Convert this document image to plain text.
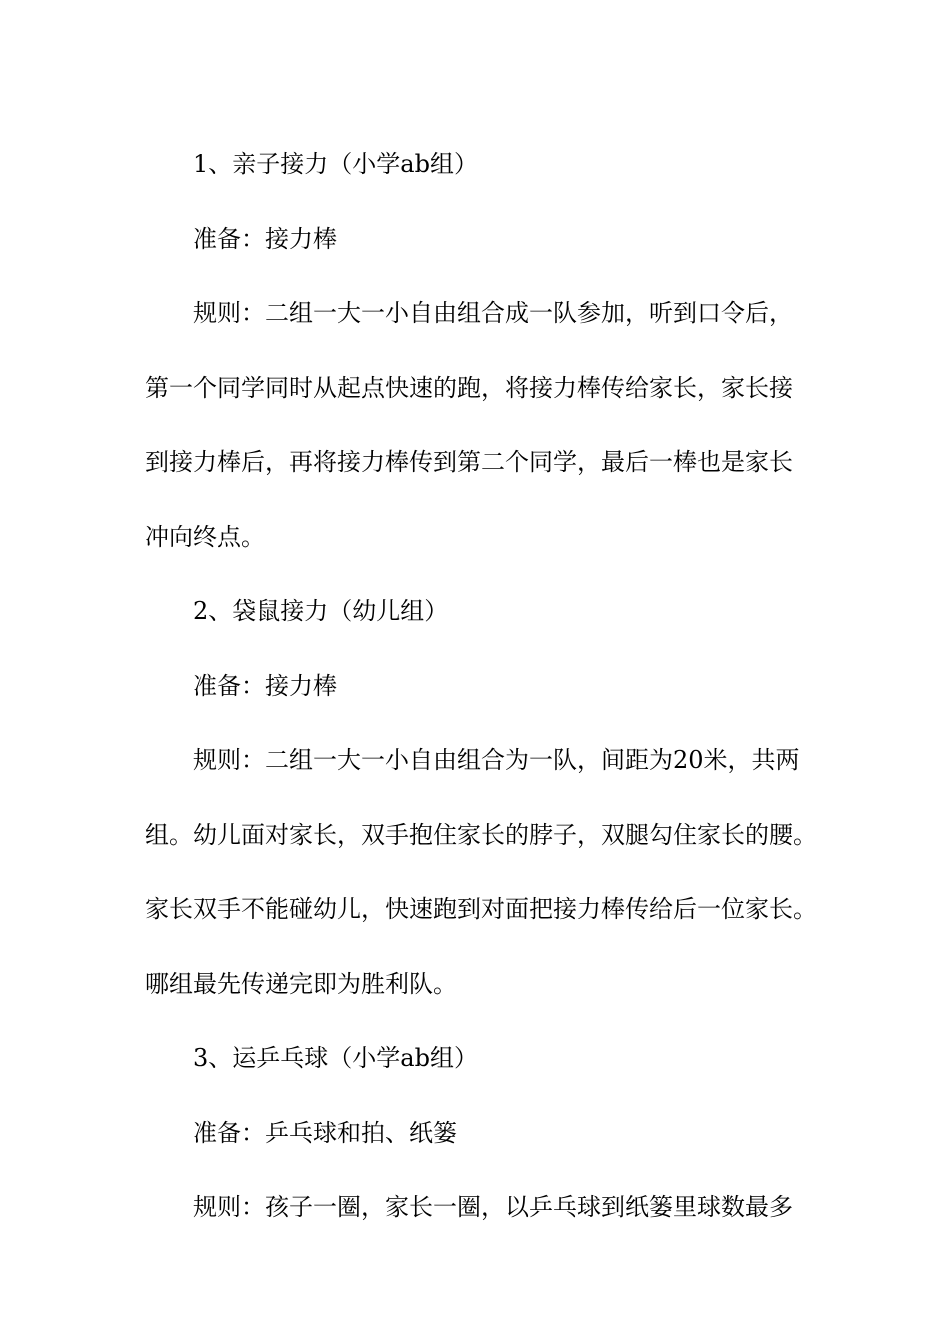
1、亲子接力（小学ab组）

准备：接力棒

规则：二组一大一小自由组合成一队参加，听到口令后，
第一个同学同时从起点快速的跑，将接力棒传给家长，家长接
到接力棒后，再将接力棒传到第二个同学，最后一棒也是家长
冲向终点。

2、袋鼠接力（幼儿组）

准备：接力棒

规则：二组一大一小自由组合为一队，间距为20米，共两
组。幼儿面对家长，双手抱住家长的脖子，双腿勾住家长的腰。
家长双手不能碰幼儿，快速跑到对面把接力棒传给后一位家长。
哪组最先传递完即为胜利队。

3、运乒乓球（小学ab组）

准备：乒乓球和拍、纸篓

规则：孩子一圈，家长一圈，以乒乓球到纸篓里球数最多
